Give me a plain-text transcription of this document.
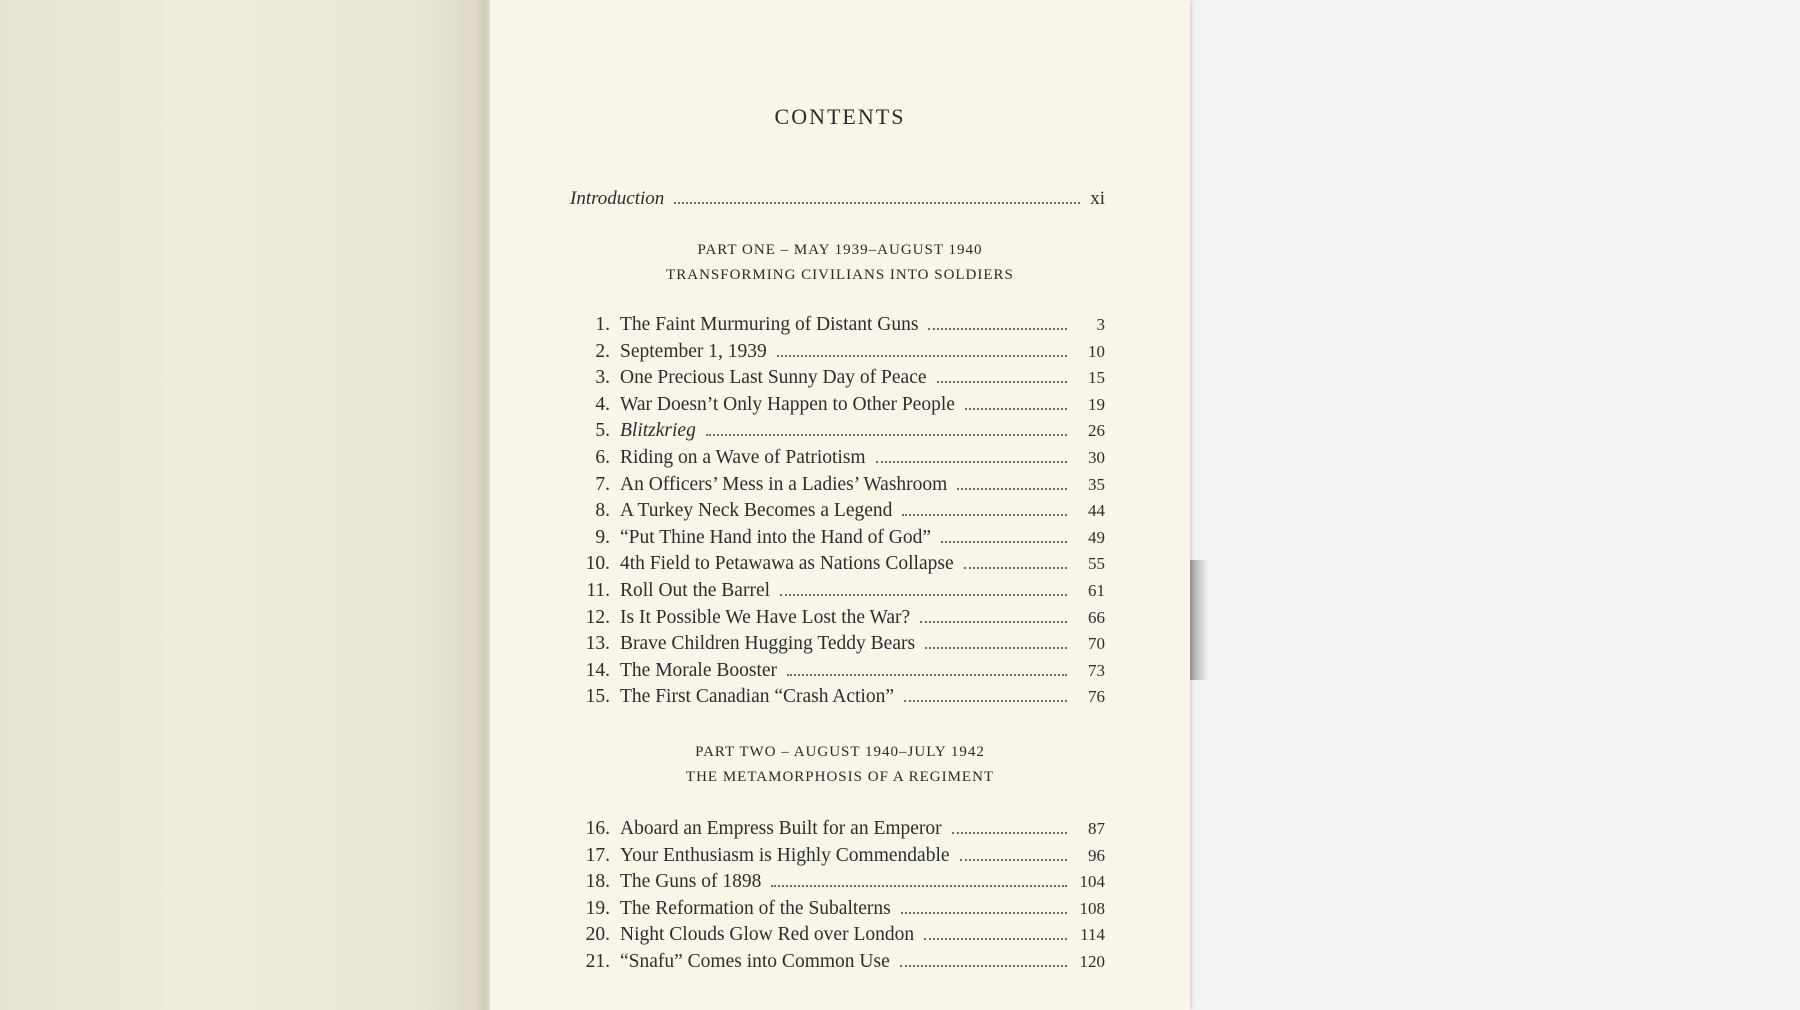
CONTENTS
Introduction	xi
PART ONE – MAY 1939–AUGUST 1940
TRANSFORMING CIVILIANS INTO SOLDIERS
1. The Faint Murmuring of Distant Guns	3
2. September 1, 1939	10
3. One Precious Last Sunny Day of Peace	15
4. War Doesn’t Only Happen to Other People	19
5. Blitzkrieg	26
6. Riding on a Wave of Patriotism	30
7. An Officers’ Mess in a Ladies’ Washroom	35
8. A Turkey Neck Becomes a Legend	44
9. “Put Thine Hand into the Hand of God”	49
10. 4th Field to Petawawa as Nations Collapse	55
11. Roll Out the Barrel	61
12. Is It Possible We Have Lost the War?	66
13. Brave Children Hugging Teddy Bears	70
14. The Morale Booster	73
15. The First Canadian “Crash Action”	76
PART TWO – AUGUST 1940–JULY 1942
THE METAMORPHOSIS OF A REGIMENT
16. Aboard an Empress Built for an Emperor	87
17. Your Enthusiasm is Highly Commendable	96
18. The Guns of 1898	104
19. The Reformation of the Subalterns	108
20. Night Clouds Glow Red over London	114
21. “Snafu” Comes into Common Use	120
